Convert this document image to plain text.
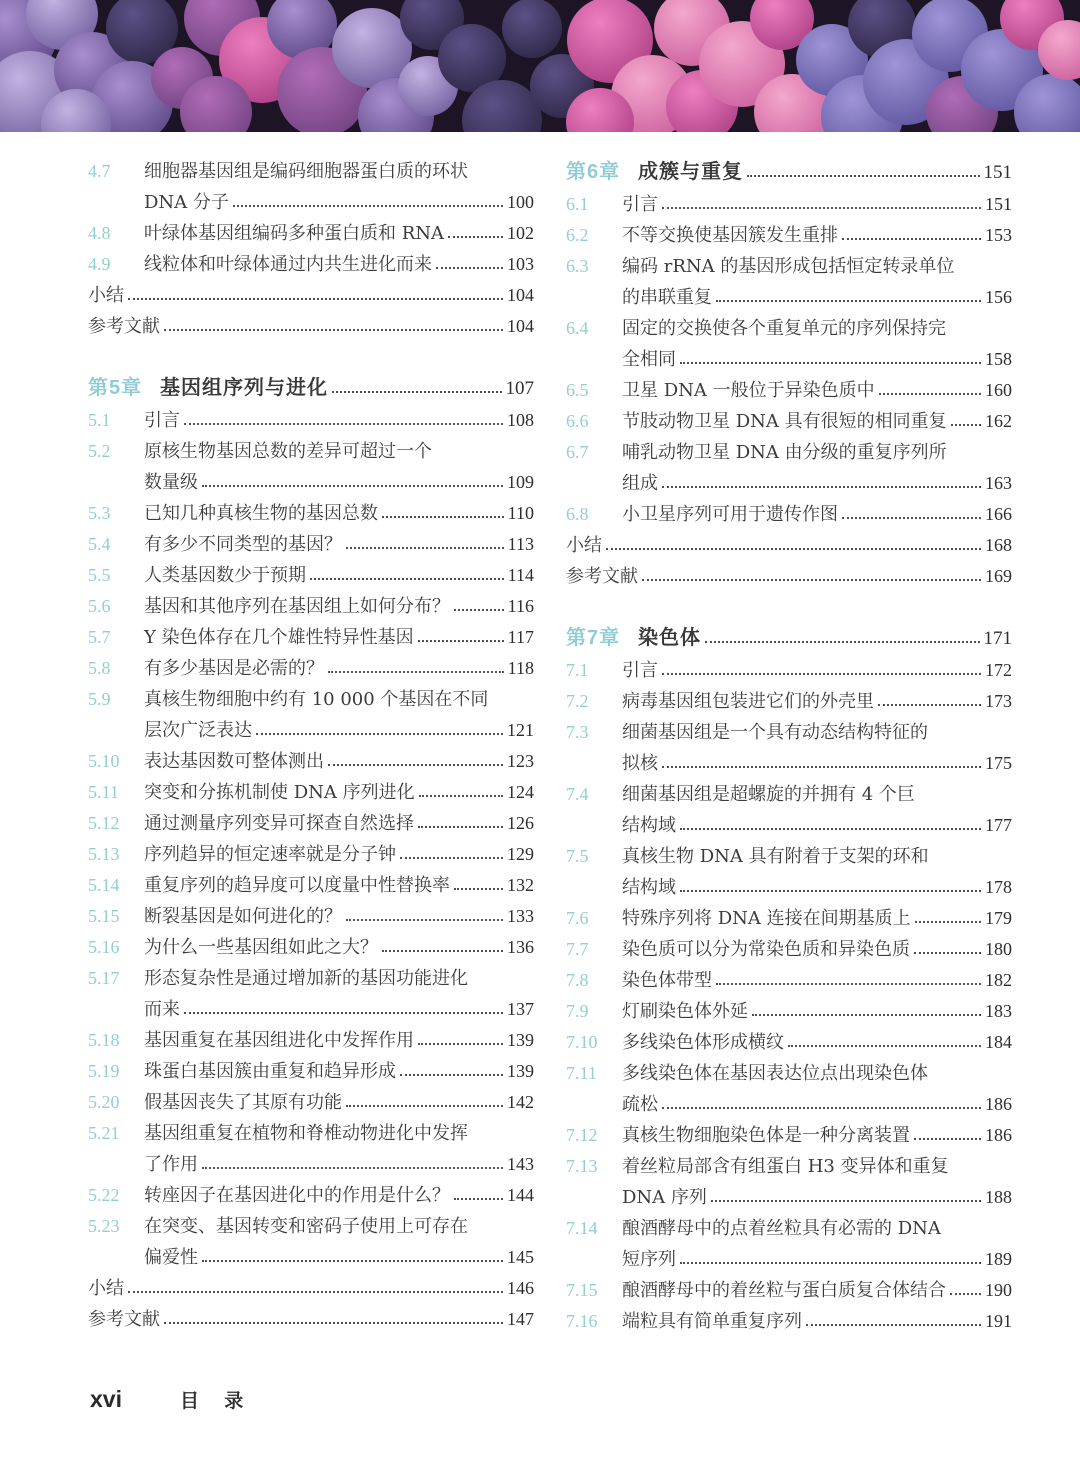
4.7	细胞器基因组是编码细胞器蛋白质的环状
DNA 分子	100
4.8	叶绿体基因组编码多种蛋白质和 RNA	102
4.9	线粒体和叶绿体通过内共生进化而来	103
小结	104
参考文献	104
第5章 基因组序列与进化	107
5.1	引言	108
5.2	原核生物基因总数的差异可超过一个
数量级	109
5.3	已知几种真核生物的基因总数	110
5.4	有多少不同类型的基因？	113
5.5	人类基因数少于预期	114
5.6	基因和其他序列在基因组上如何分布？	116
5.7	Y 染色体存在几个雄性特异性基因	117
5.8	有多少基因是必需的？	118
5.9	真核生物细胞中约有 10 000 个基因在不同
层次广泛表达	121
5.10	表达基因数可整体测出	123
5.11	突变和分拣机制使 DNA 序列进化	124
5.12	通过测量序列变异可探查自然选择	126
5.13	序列趋异的恒定速率就是分子钟	129
5.14	重复序列的趋异度可以度量中性替换率	132
5.15	断裂基因是如何进化的？	133
5.16	为什么一些基因组如此之大？	136
5.17	形态复杂性是通过增加新的基因功能进化
而来	137
5.18	基因重复在基因组进化中发挥作用	139
5.19	珠蛋白基因簇由重复和趋异形成	139
5.20	假基因丧失了其原有功能	142
5.21	基因组重复在植物和脊椎动物进化中发挥
了作用	143
5.22	转座因子在基因进化中的作用是什么？	144
5.23	在突变、基因转变和密码子使用上可存在
偏爱性	145
小结	146
参考文献	147
第6章 成簇与重复	151
6.1	引言	151
6.2	不等交换使基因簇发生重排	153
6.3	编码 rRNA 的基因形成包括恒定转录单位
的串联重复	156
6.4	固定的交换使各个重复单元的序列保持完
全相同	158
6.5	卫星 DNA 一般位于异染色质中	160
6.6	节肢动物卫星 DNA 具有很短的相同重复 162
6.7	哺乳动物卫星 DNA 由分级的重复序列所
组成	163
6.8	小卫星序列可用于遗传作图	166
小结	168
参考文献	169
第7章 染色体	171
7.1	引言	172
7.2	病毒基因组包装进它们的外壳里	173
7.3	细菌基因组是一个具有动态结构特征的
拟核	175
7.4	细菌基因组是超螺旋的并拥有 4 个巨
结构域	177
7.5	真核生物 DNA 具有附着于支架的环和
结构域	178
7.6	特殊序列将 DNA 连接在间期基质上	179
7.7	染色质可以分为常染色质和异染色质	180
7.8	染色体带型	182
7.9	灯刷染色体外延	183
7.10	多线染色体形成横纹	184
7.11	多线染色体在基因表达位点出现染色体
疏松	186
7.12	真核生物细胞染色体是一种分离装置	186
7.13	着丝粒局部含有组蛋白 H3 变异体和重复
DNA 序列	188
7.14	酿酒酵母中的点着丝粒具有必需的 DNA
短序列	189
7.15	酿酒酵母中的着丝粒与蛋白质复合体结合 190
7.16	端粒具有简单重复序列	191
xvi	目 录
